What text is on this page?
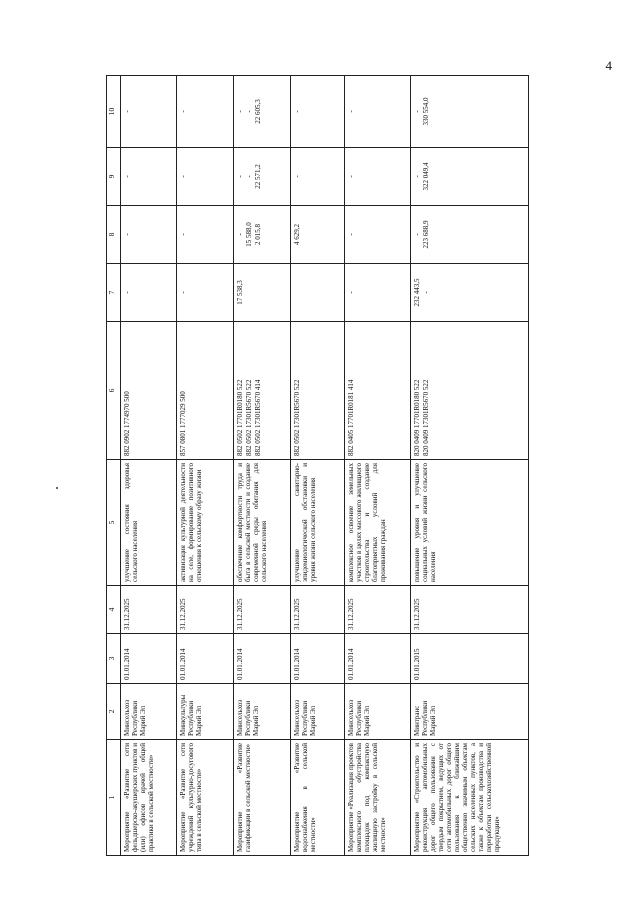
4
1	2	3	4	5	6	7	8	9	10
Мероприятие «Развитие сети фельдшерско-акушерских пунктов и (или) офисов врачей общей практики в сельской местности»	Минсельхоз Республики Марий Эл	01.01.2014	31.12.2025	улучшение состояния здоровья сельского населения	882 0902 1774970 500	-	-	-	-

Мероприятие «Развитие сети учреждений культурно-досугового типа в сельской местности»	Минкультуры Республики Марий Эл	01.01.2014	31.12.2025	активизация культурной деятельности на селе, формирование позитивного отношения к сельскому образу жизни	857 0801 1777029 500	-	-	-	-

Мероприятие «Развитие газификации в сельской местности»	Минсельхоз Республики Марий Эл	01.01.2014	31.12.2025	обеспечение комфортности труда и быта в сельской местности и создание современной среды обитания для сельского населения	882 0502 17701R0180 522 882 0502 17301R5670 522 882 0502 17301R5670 414	17 538,3	- 15 588,0 2 015,8	- - 22 571,2	- - 22 605,3

Мероприятие «Развитие водоснабжения в сельской местности»	Минсельхоз Республики Марий Эл	01.01.2014	31.12.2025	улучшение санитарно-эпидемиологической обстановки и уровня жизни сельского населения	882 0502 17301R5670 522		4 629,2	-	-

Мероприятие «Реализация проектов комплексного обустройства площадок под компактную жилищную застройку в сельской местности»	Минсельхоз Республики Марий Эл	01.01.2014	31.12.2025	комплексное освоение земельных участков в целях массового жилищного строительства и создание благоприятных условий для проживания граждан	882 0405 17701R0181 414	-	-	-	-

Мероприятие «Строительство и реконструкция автомобильных дорог общего пользования с твердым покрытием, ведущих от сети автомобильных дорог общего пользования к ближайшим общественно значимым объектам сельских населенных пунктов, а также к объектам производства и переработки сельскохозяйственной продукции»	Минтранс Республики Марий Эл	01.01.2015	31.12.2025	повышение уровня и улучшение социальных условий жизни сельского населения	820 0409 17701R0180 522 820 0409 17301R5670 522	232 443,5 -	- 223 688,9	- 322 049,4	- 330 554,0
